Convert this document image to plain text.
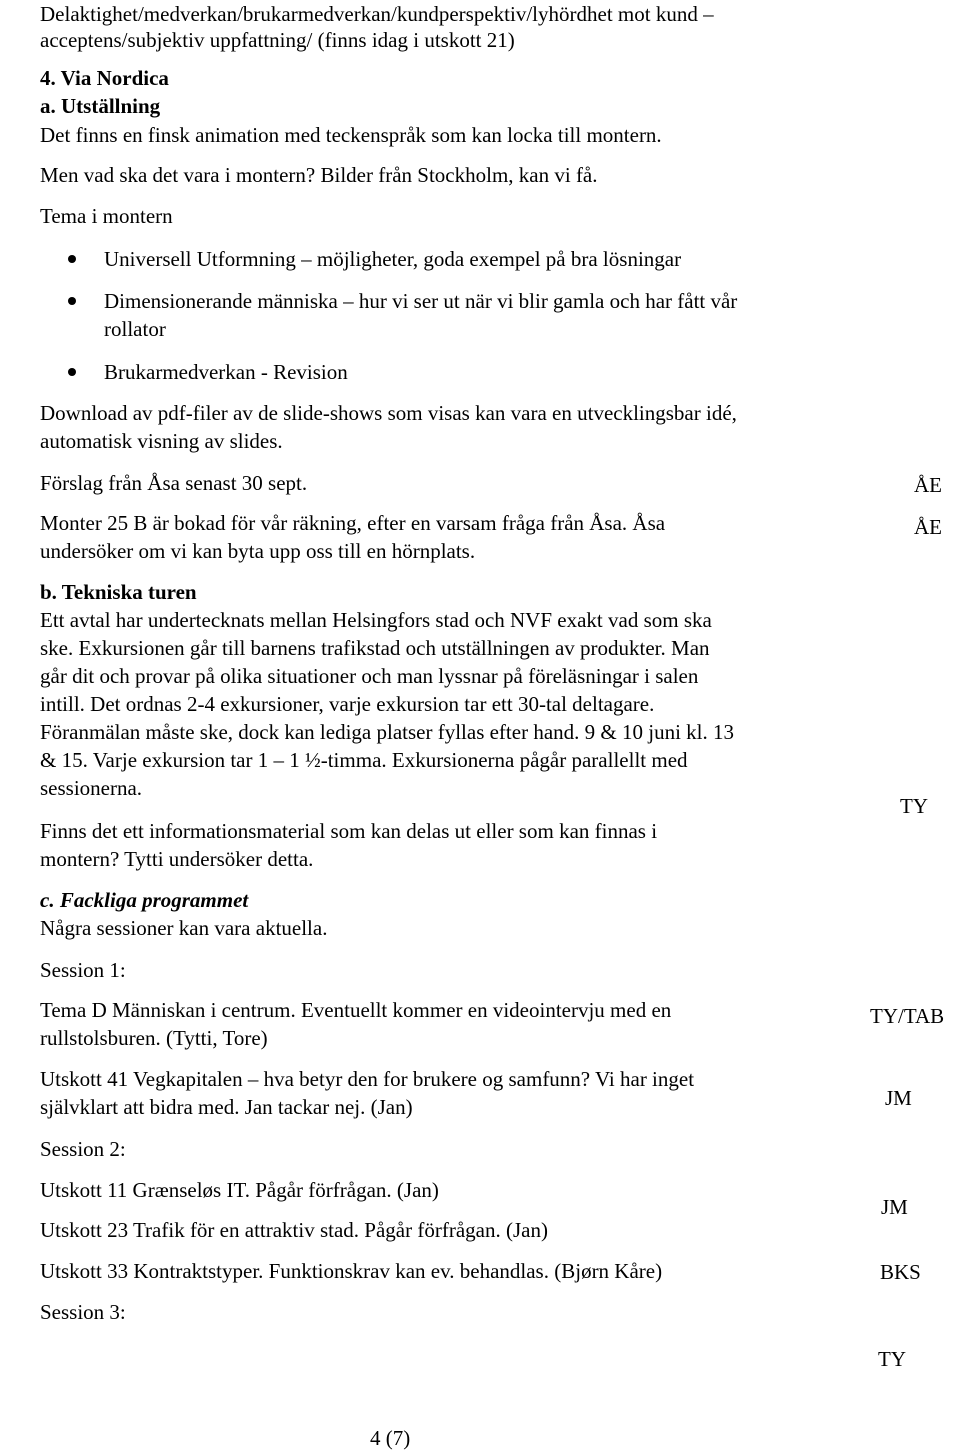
Delaktighet/medverkan/brukarmedverkan/kundperspektiv/lyhördhet mot kund –
acceptens/subjektiv uppfattning/ (finns idag i utskott 21)
4. Via Nordica
a. Utställning
Det finns en finsk animation med teckenspråk som kan locka till montern.
Men vad ska det vara i montern? Bilder från Stockholm, kan vi få.
Tema i montern
Universell Utformning – möjligheter, goda exempel på bra lösningar
Dimensionerande människa – hur vi ser ut när vi blir gamla och har fått vår
rollator
Brukarmedverkan - Revision
Download av pdf-filer av de slide-shows som visas kan vara en utvecklingsbar idé,
automatisk visning av slides.
Förslag från Åsa senast 30 sept.
Monter 25 B är bokad för vår räkning, efter en varsam fråga från Åsa. Åsa
undersöker om vi kan byta upp oss till en hörnplats.
b. Tekniska turen
Ett avtal har undertecknats mellan Helsingfors stad och NVF exakt vad som ska
ske. Exkursionen går till barnens trafikstad och utställningen av produkter. Man
går dit och provar på olika situationer och man lyssnar på föreläsningar i salen
intill. Det ordnas 2-4 exkursioner, varje exkursion tar ett 30-tal deltagare.
Föranmälan måste ske, dock kan lediga platser fyllas efter hand. 9 & 10 juni kl. 13
& 15. Varje exkursion tar 1 – 1 ½-timma. Exkursionerna pågår parallellt med
sessionerna.
Finns det ett informationsmaterial som kan delas ut eller som kan finnas i
montern? Tytti undersöker detta.
c. Fackliga programmet
Några sessioner kan vara aktuella.
Session 1:
Tema D Människan i centrum. Eventuellt kommer en videointervju med en
rullstolsburen. (Tytti, Tore)
Utskott 41 Vegkapitalen – hva betyr den for brukere og samfunn? Vi har inget
självklart att bidra med. Jan tackar nej. (Jan)
Session 2:
Utskott 11 Grænseløs IT. Pågår förfrågan. (Jan)
Utskott 23 Trafik för en attraktiv stad. Pågår förfrågan. (Jan)
Utskott 33 Kontraktstyper. Funktionskrav kan ev. behandlas. (Bjørn Kåre)
Session 3:
ÅE
ÅE
TY
TY/TAB
JM
JM
BKS
TY
4 (7)
